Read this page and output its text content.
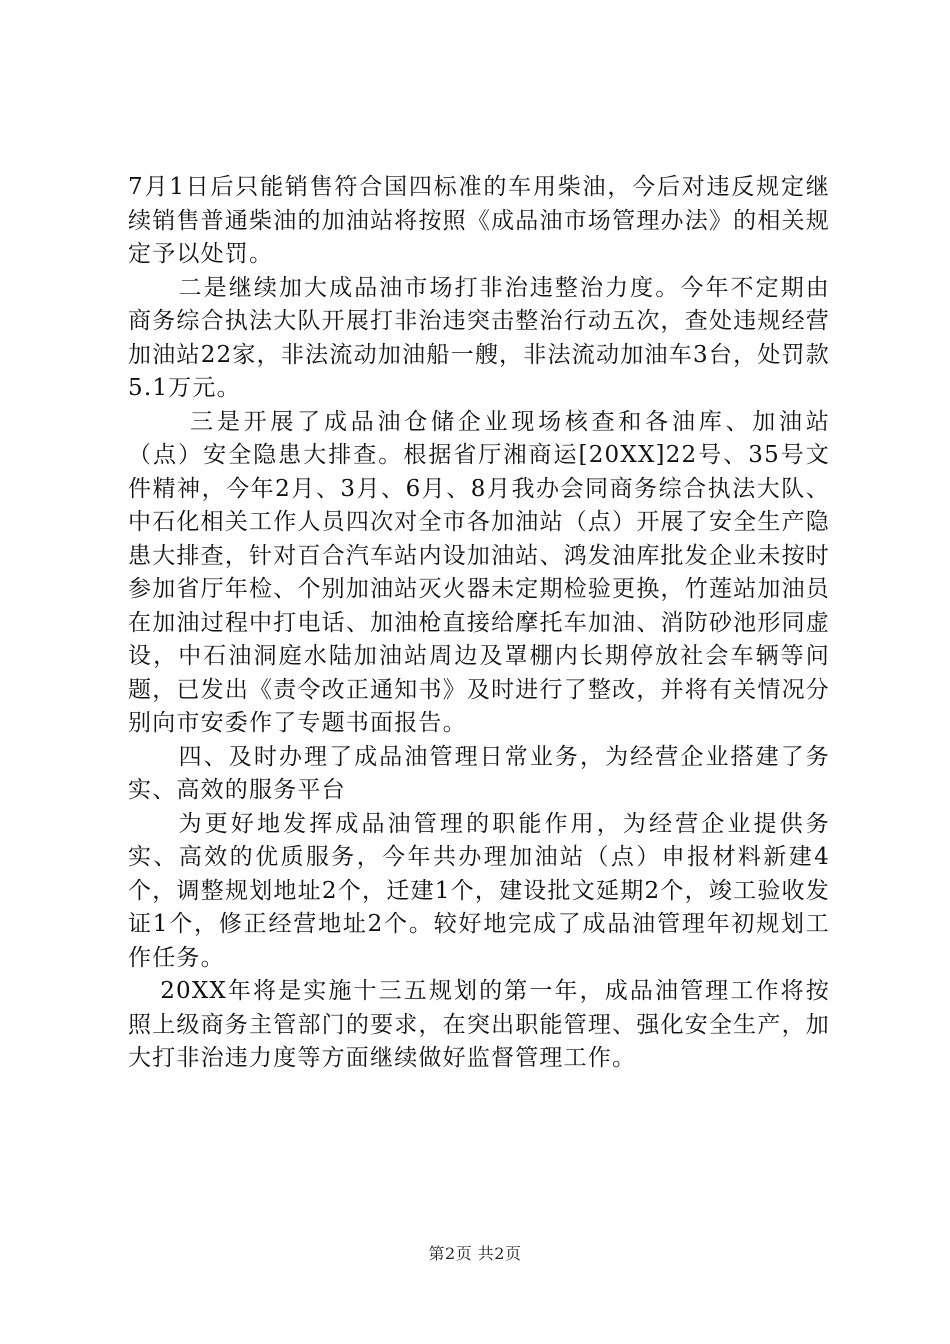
7月1日后只能销售符合国四标准的车用柴油，今后对违反规定继续销售普通柴油的加油站将按照《成品油市场管理办法》的相关规定予以处罚。

二是继续加大成品油市场打非治违整治力度。今年不定期由商务综合执法大队开展打非治违突击整治行动五次，查处违规经营加油站22家，非法流动加油船一艘，非法流动加油车3台，处罚款5.1万元。

三是开展了成品油仓储企业现场核查和各油库、加油站（点）安全隐患大排查。根据省厅湘商运[20XX]22号、35号文件精神，今年2月、3月、6月、8月我办会同商务综合执法大队、中石化相关工作人员四次对全市各加油站（点）开展了安全生产隐患大排查，针对百合汽车站内设加油站、鸿发油库批发企业未按时参加省厅年检、个别加油站灭火器未定期检验更换，竹莲站加油员在加油过程中打电话、加油枪直接给摩托车加油、消防砂池形同虚设，中石油洞庭水陆加油站周边及罩棚内长期停放社会车辆等问题，已发出《责令改正通知书》及时进行了整改，并将有关情况分别向市安委作了专题书面报告。

四、及时办理了成品油管理日常业务，为经营企业搭建了务实、高效的服务平台

为更好地发挥成品油管理的职能作用，为经营企业提供务实、高效的优质服务，今年共办理加油站（点）申报材料新建4个，调整规划地址2个，迁建1个，建设批文延期2个，竣工验收发证1个，修正经营地址2个。较好地完成了成品油管理年初规划工作任务。

20XX年将是实施十三五规划的第一年，成品油管理工作将按照上级商务主管部门的要求，在突出职能管理、强化安全生产，加大打非治违力度等方面继续做好监督管理工作。

第2页 共2页
